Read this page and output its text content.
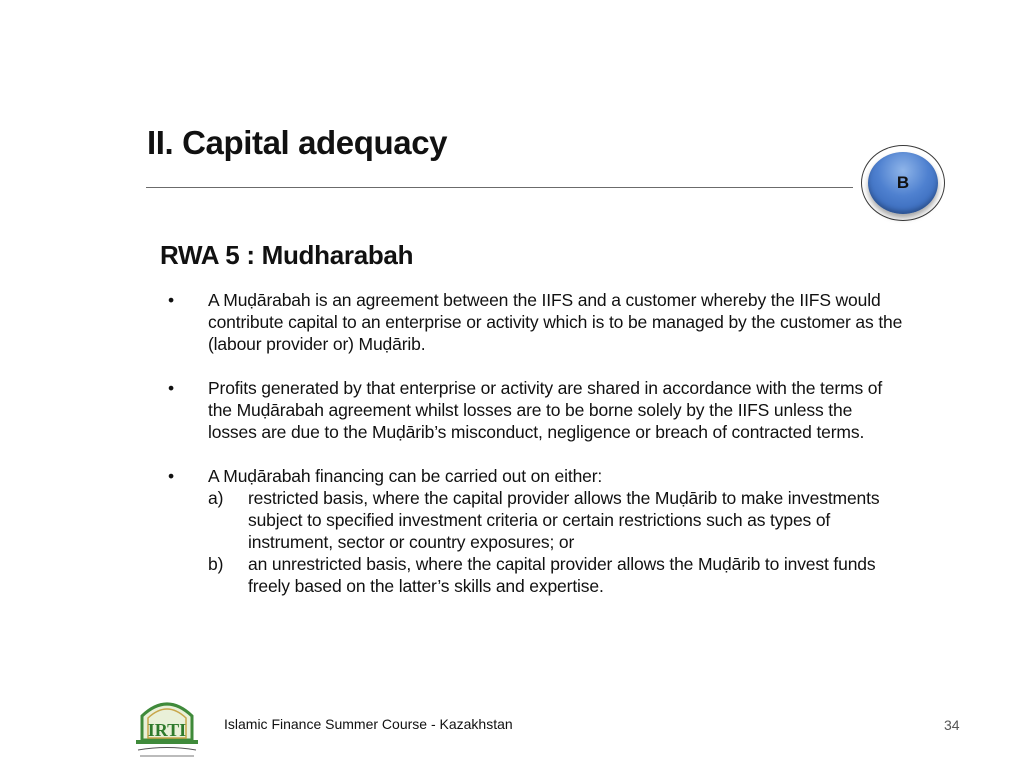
II. Capital adequacy
B
RWA 5 : Mudharabah
• A Muḍārabah is an agreement between the IIFS and a customer whereby the IIFS would contribute capital to an enterprise or activity which is to be managed by the customer as the (labour provider or) Muḍārib.
• Profits generated by that enterprise or activity are shared in accordance with the terms of the Muḍārabah agreement whilst losses are to be borne solely by the IIFS unless the losses are due to the Muḍārib’s misconduct, negligence or breach of contracted terms.
• A Muḍārabah financing can be carried out on either:
a) restricted basis, where the capital provider allows the Muḍārib to make investments subject to specified investment criteria or certain restrictions such as types of instrument, sector or country exposures; or
b) an unrestricted basis, where the capital provider allows the Muḍārib to invest funds freely based on the latter’s skills and expertise.
IRTI	Islamic Finance Summer Course - Kazakhstan	34
